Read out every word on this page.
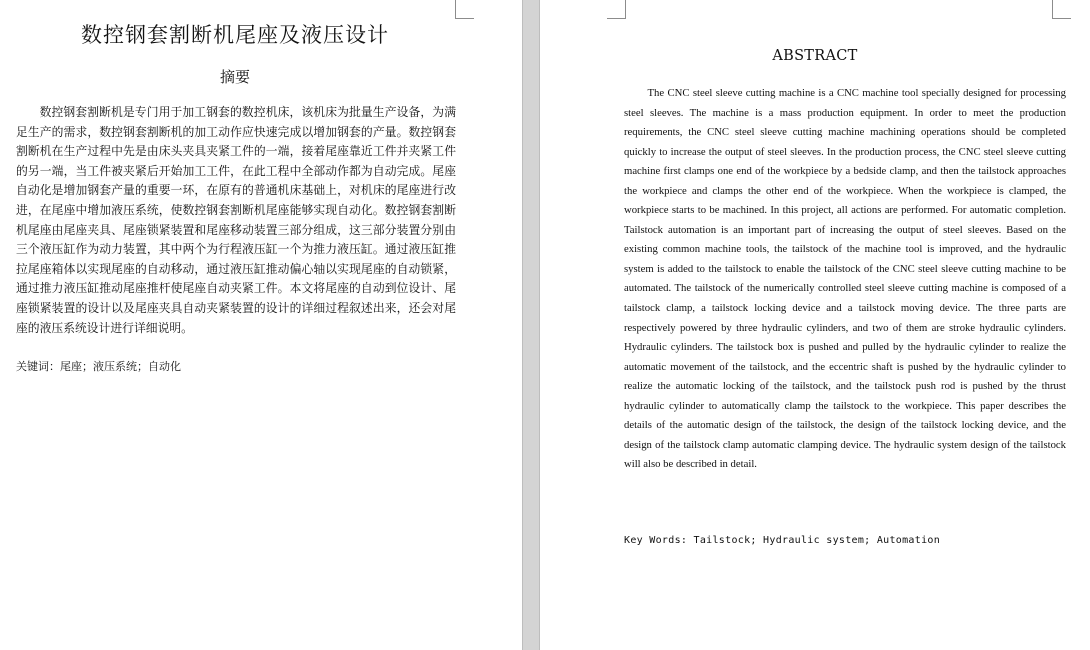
数控钢套割断机尾座及液压设计
摘要
数控钢套割断机是专门用于加工钢套的数控机床，该机床为批量生产设备，为满足生产的需求，数控钢套割断机的加工动作应快速完成以增加钢套的产量。数控钢套割断机在生产过程中先是由床头夹具夹紧工件的一端，接着尾座靠近工件并夹紧工件的另一端，当工件被夹紧后开始加工工件，在此工程中全部动作都为自动完成。尾座自动化是增加钢套产量的重要一环，在原有的普通机床基础上，对机床的尾座进行改进，在尾座中增加液压系统，使数控钢套割断机尾座能够实现自动化。数控钢套割断机尾座由尾座夹具、尾座锁紧装置和尾座移动装置三部分组成，这三部分装置分别由三个液压缸作为动力装置，其中两个为行程液压缸一个为推力液压缸。通过液压缸推拉尾座箱体以实现尾座的自动移动，通过液压缸推动偏心轴以实现尾座的自动锁紧，通过推力液压缸推动尾座推杆使尾座自动夹紧工件。本文将尾座的自动到位设计、尾座锁紧装置的设计以及尾座夹具自动夹紧装置的设计的详细过程叙述出来，还会对尾座的液压系统设计进行详细说明。
关键词：尾座；液压系统；自动化
ABSTRACT
The CNC steel sleeve cutting machine is a CNC machine tool specially designed for processing steel sleeves. The machine is a mass production equipment. In order to meet the production requirements, the CNC steel sleeve cutting machine machining operations should be completed quickly to increase the output of steel sleeves. In the production process, the CNC steel sleeve cutting machine first clamps one end of the workpiece by a bedside clamp, and then the tailstock approaches the workpiece and clamps the other end of the workpiece. When the workpiece is clamped, the workpiece starts to be machined. In this project, all actions are performed. For automatic completion. Tailstock automation is an important part of increasing the output of steel sleeves. Based on the existing common machine tools, the tailstock of the machine tool is improved, and the hydraulic system is added to the tailstock to enable the tailstock of the CNC steel sleeve cutting machine to be automated. The tailstock of the numerically controlled steel sleeve cutting machine is composed of a tailstock clamp, a tailstock locking device and a tailstock moving device. The three parts are respectively powered by three hydraulic cylinders, and two of them are stroke hydraulic cylinders. Hydraulic cylinders. The tailstock box is pushed and pulled by the hydraulic cylinder to realize the automatic movement of the tailstock, and the eccentric shaft is pushed by the hydraulic cylinder to realize the automatic locking of the tailstock, and the tailstock push rod is pushed by the thrust hydraulic cylinder to automatically clamp the tailstock to the workpiece. This paper describes the details of the automatic design of the tailstock, the design of the tailstock locking device, and the design of the tailstock clamp automatic clamping device. The hydraulic system design of the tailstock will also be described in detail.
Key Words: Tailstock; Hydraulic system; Automation
